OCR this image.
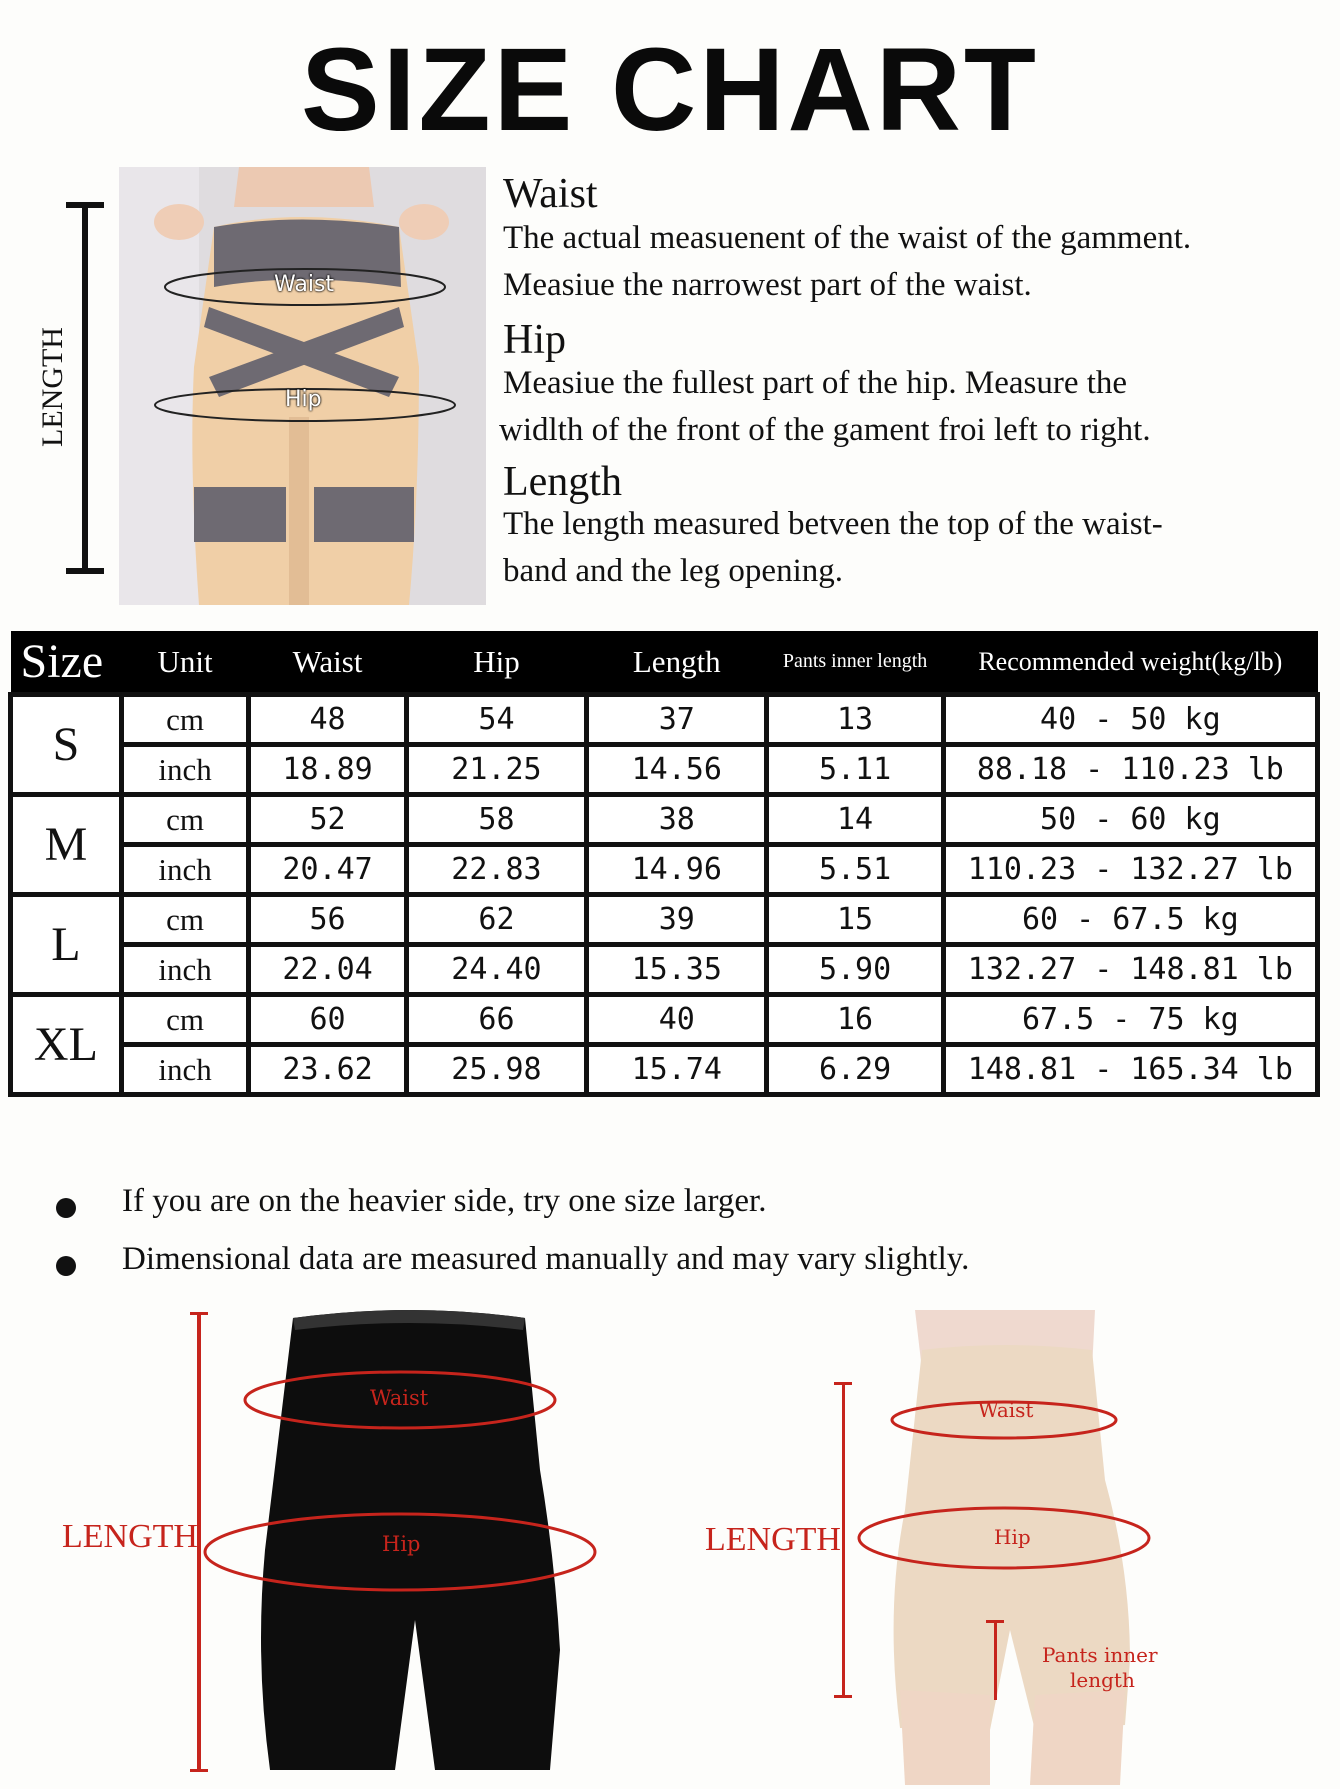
SIZE CHART
Waist
Hip
LENGTH
Waist
The actual measuenent of the waist of the gamment.
Measiue the narrowest part of the waist.
Hip
Measiue the fullest part of the hip. Measure the
widlth of the front of the gament froi left to right.
Length
The length measured betveen the top of the waist-
band and the leg opening.
Size	Unit	Waist	Hip	Length	Pants inner length	Recommended weight(kg/lb)
S	cm	48	54	37	13	40 - 50 kg
	inch	18.89	21.25	14.56	5.11	88.18 - 110.23 lb
M	cm	52	58	38	14	50 - 60 kg
	inch	20.47	22.83	14.96	5.51	110.23 - 132.27 lb
L	cm	56	62	39	15	60 - 67.5 kg
	inch	22.04	24.40	15.35	5.90	132.27 - 148.81 lb
XL	cm	60	66	40	16	67.5 - 75 kg
	inch	23.62	25.98	15.74	6.29	148.81 - 165.34 lb
If you are on the heavier side, try one size larger.
Dimensional data are measured manually and may vary slightly.
Waist
Hip
LENGTH
Waist
Hip
Pants inner
length
LENGTH
